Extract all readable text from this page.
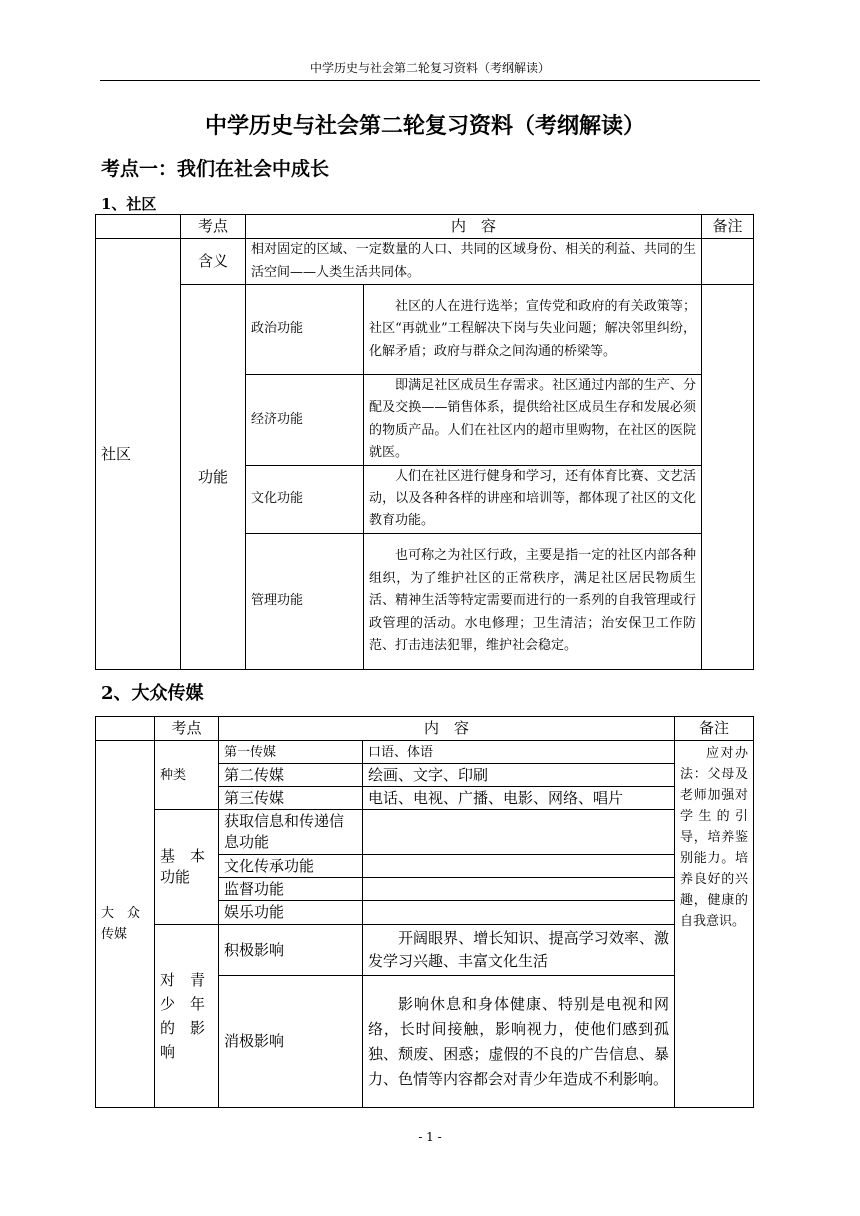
中学历史与社会第二轮复习资料（考纲解读）
中学历史与社会第二轮复习资料（考纲解读）
考点一：我们在社会中成长
1、社区
	考点	内　容		备注
社区	含义	相对固定的区域、一定数量的人口、共同的区域身份、相关的利益、共同的生活空间——人类生活共同体。		
	功能	政治功能	社区的人在进行选举；宣传党和政府的有关政策等；社区“再就业”工程解决下岗与失业问题；解决邻里纠纷，化解矛盾；政府与群众之间沟通的桥梁等。	
		经济功能	即满足社区成员生存需求。社区通过内部的生产、分配及交换——销售体系，提供给社区成员生存和发展必须的物质产品。人们在社区内的超市里购物，在社区的医院就医。	
		文化功能	人们在社区进行健身和学习，还有体育比赛、文艺活动，以及各种各样的讲座和培训等，都体现了社区的文化教育功能。	
		管理功能	也可称之为社区行政，主要是指一定的社区内部各种组织，为了维护社区的正常秩序，满足社区居民物质生活、精神生活等特定需要而进行的一系列的自我管理或行政管理的活动。水电修理；卫生清洁；治安保卫工作防范、打击违法犯罪，维护社会稳定。	
2、大众传媒
	考点	内　容		备注
大　众传媒	种类	第一传媒	口语、体语	应对办法：父母及老师加强对学生的引导，培养鉴别能力。培养良好的兴趣，健康的自我意识。
		第二传媒	绘画、文字、印刷	
		第三传媒	电话、电视、广播、电影、网络、唱片	
	基　本功能	获取信息和传递信息功能		
		文化传承功能		
		监督功能		
		娱乐功能		
	对　青少　年的　影响	积极影响	开阔眼界、增长知识、提高学习效率、激发学习兴趣、丰富文化生活	
		消极影响	影响休息和身体健康、特别是电视和网络，长时间接触，影响视力，使他们感到孤独、颓废、困惑；虚假的不良的广告信息、暴力、色情等内容都会对青少年造成不利影响。	
- 1 -
